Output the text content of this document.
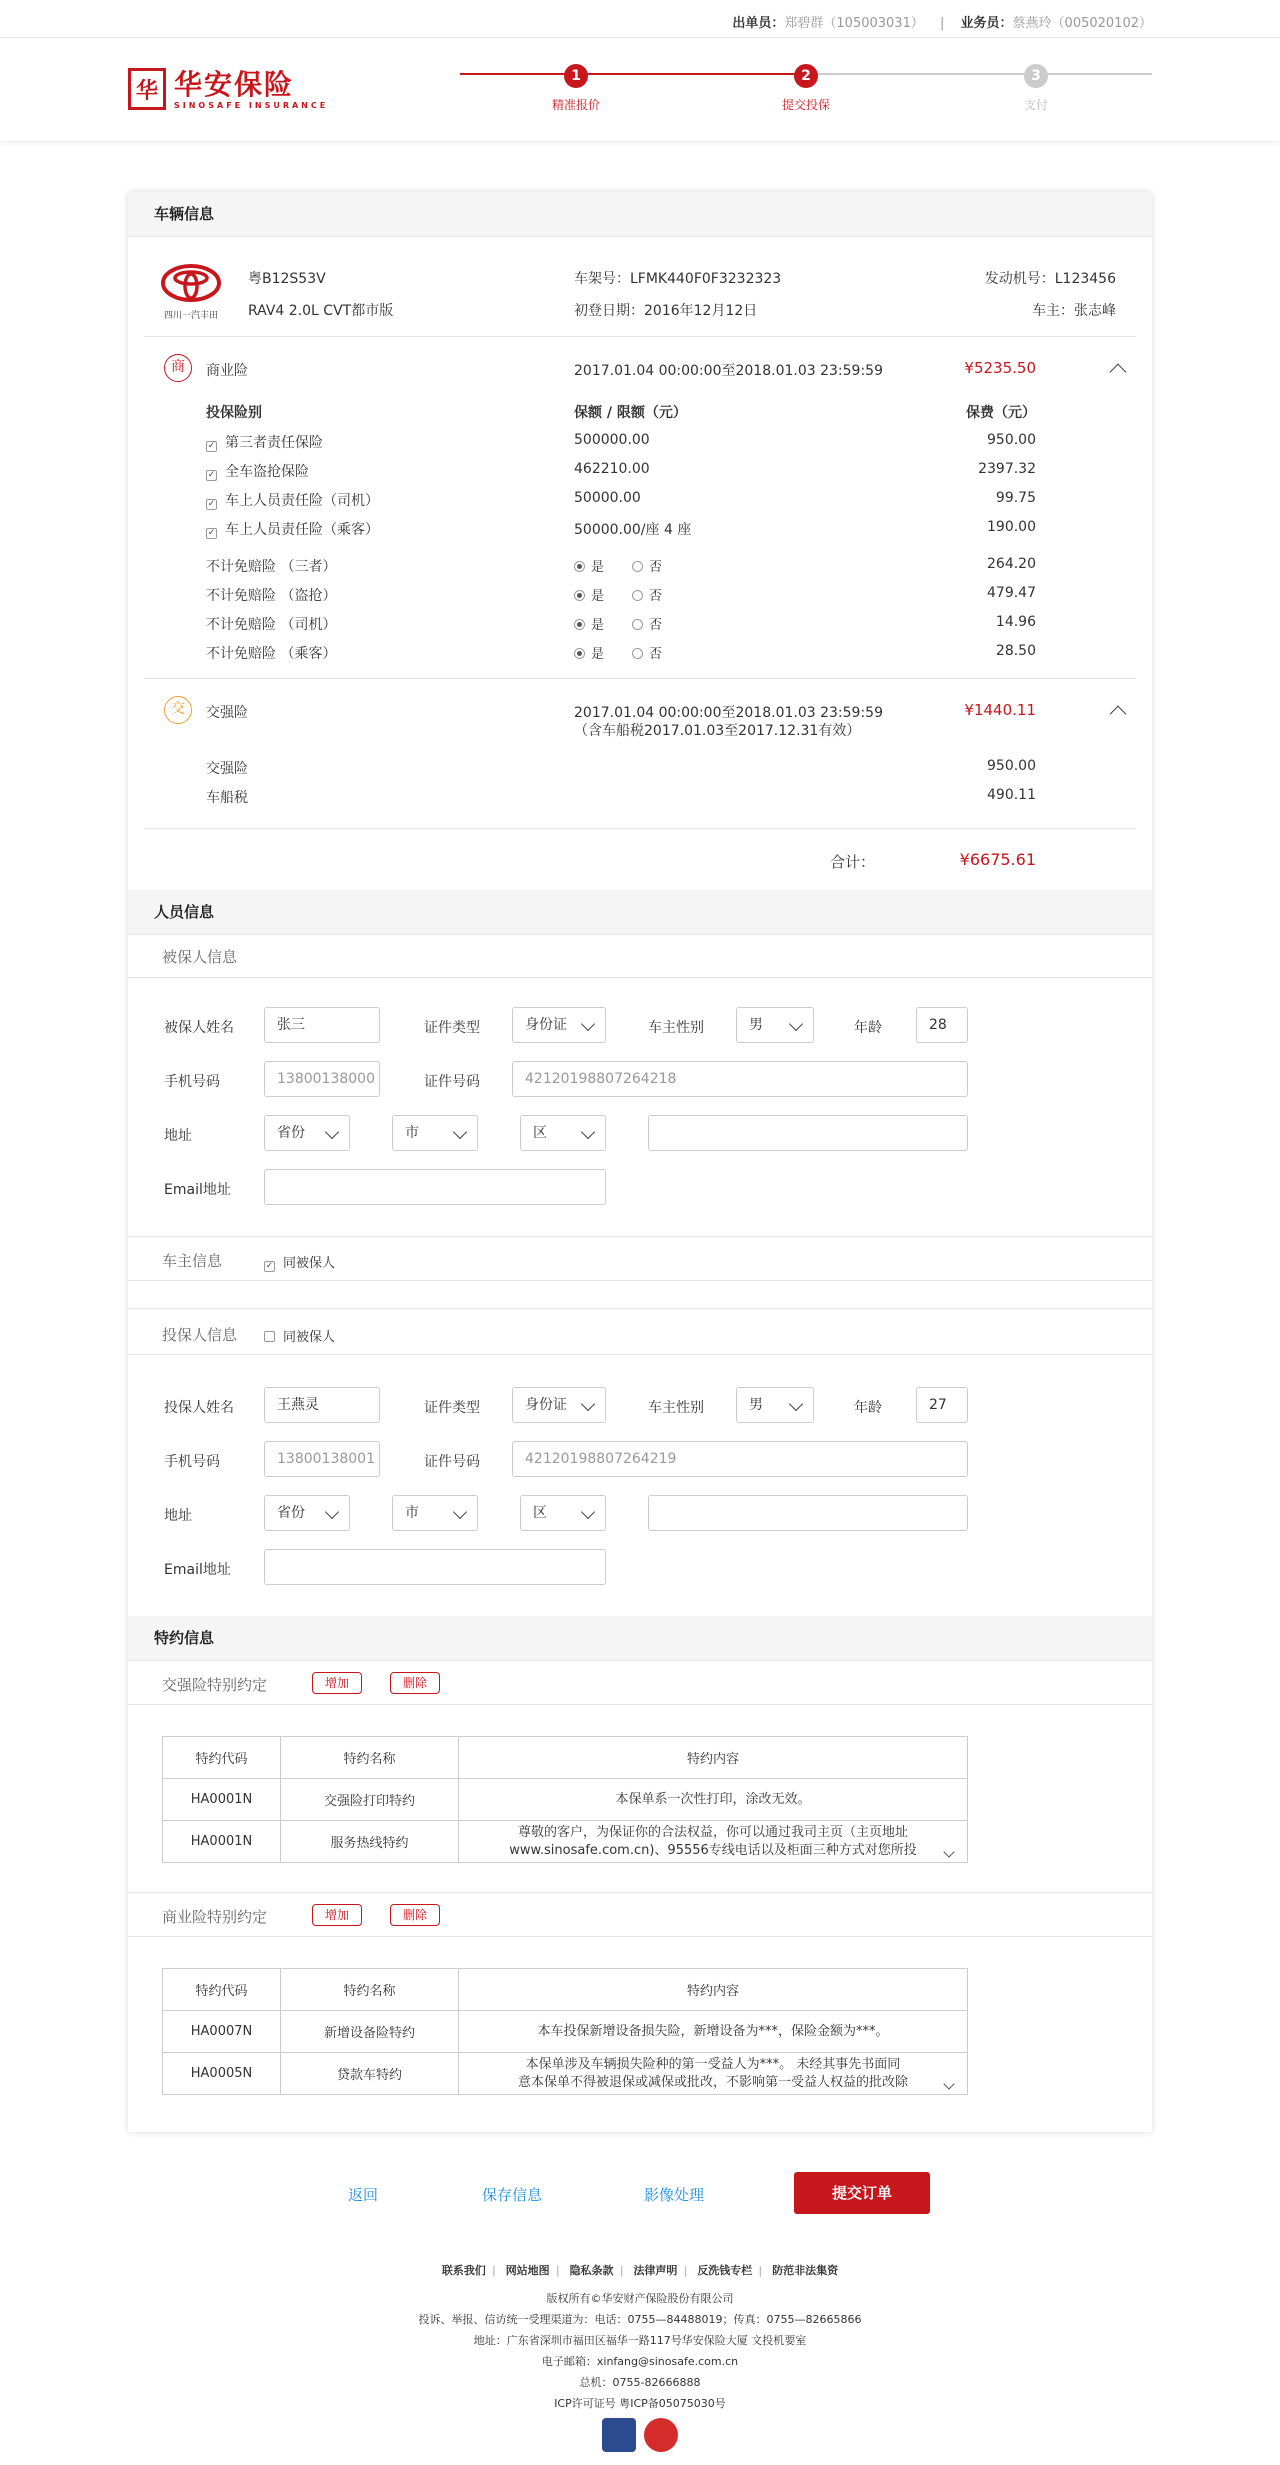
出单员：郑碧群（105003031） | 业务员：蔡燕玲（005020102）
华 华安保险
SINOSAFE INSURANCE
1
精准报价
2
提交投保
3
支付
车辆信息
四川一汽丰田
粤B12S53V
RAV4 2.0L CVT都市版
车架号：LFMK440F0F3232323
初登日期：2016年12月12日
发动机号：L123456
车主：张志峰
商	商业险	2017.01.04 00:00:00至2018.01.03 23:59:59	¥5235.50
投保险别	保额 / 限额（元）	保费（元）
✓ 第三者责任保险	500000.00	950.00
✓ 全车盗抢保险	462210.00	2397.32
✓ 车上人员责任险（司机）	50000.00	99.75
✓ 车上人员责任险（乘客）	50000.00/座 4 座	190.00
不计免赔险 （三者）	是	否	264.20
不计免赔险 （盗抢）	是	否	479.47
不计免赔险 （司机）	是	否	14.96
不计免赔险 （乘客）	是	否	28.50
交	交强险	2017.01.04 00:00:00至2018.01.03 23:59:59
（含车船税2017.01.03至2017.12.31有效）
¥1440.11
交强险	950.00
车船税	490.11
合计：	¥6675.61
人员信息
被保人信息
被保人姓名	张三	证件类型	身份证	车主性别	男	年龄	28
手机号码	13800138000	证件号码	42120198807264218
地址	省份	市	区
Email地址
车主信息	✓ 同被保人
投保人信息	同被保人
投保人姓名	王燕灵	证件类型	身份证	车主性别	男	年龄	27
手机号码	13800138001	证件号码	42120198807264219
地址	省份	市	区
Email地址
特约信息
交强险特别约定	增加	删除
特约代码	特约名称	特约内容
HA0001N	交强险打印特约	本保单系一次性打印，涂改无效。

HA0001N	服务热线特约	尊敬的客户，为保证你的合法权益，你可以通过我司主页（主页地址
www.sinosafe.com.cn)、95556专线电话以及柜面三种方式对您所投
商业险特别约定	增加	删除
特约代码	特约名称	特约内容
HA0007N	新增设备险特约	本车投保新增设备损失险，新增设备为***，保险金额为***。

HA0005N	贷款车特约	本保单涉及车辆损失险种的第一受益人为***。 未经其事先书面同
意本保单不得被退保或减保或批改，不影响第一受益人权益的批改除
返回	保存信息	影像处理	提交订单
联系我们 | 网站地图 | 隐私条款 | 法律声明 | 反洗钱专栏 | 防范非法集资

版权所有©华安财产保险股份有限公司

投诉、举报、信访统一受理渠道为：电话：0755—84488019；传真：0755—82665866

地址：广东省深圳市福田区福华一路117号华安保险大厦 文投机要室

电子邮箱：xinfang@sinosafe.com.cn

总机：0755-82666888

ICP许可证号 粤ICP备05075030号
